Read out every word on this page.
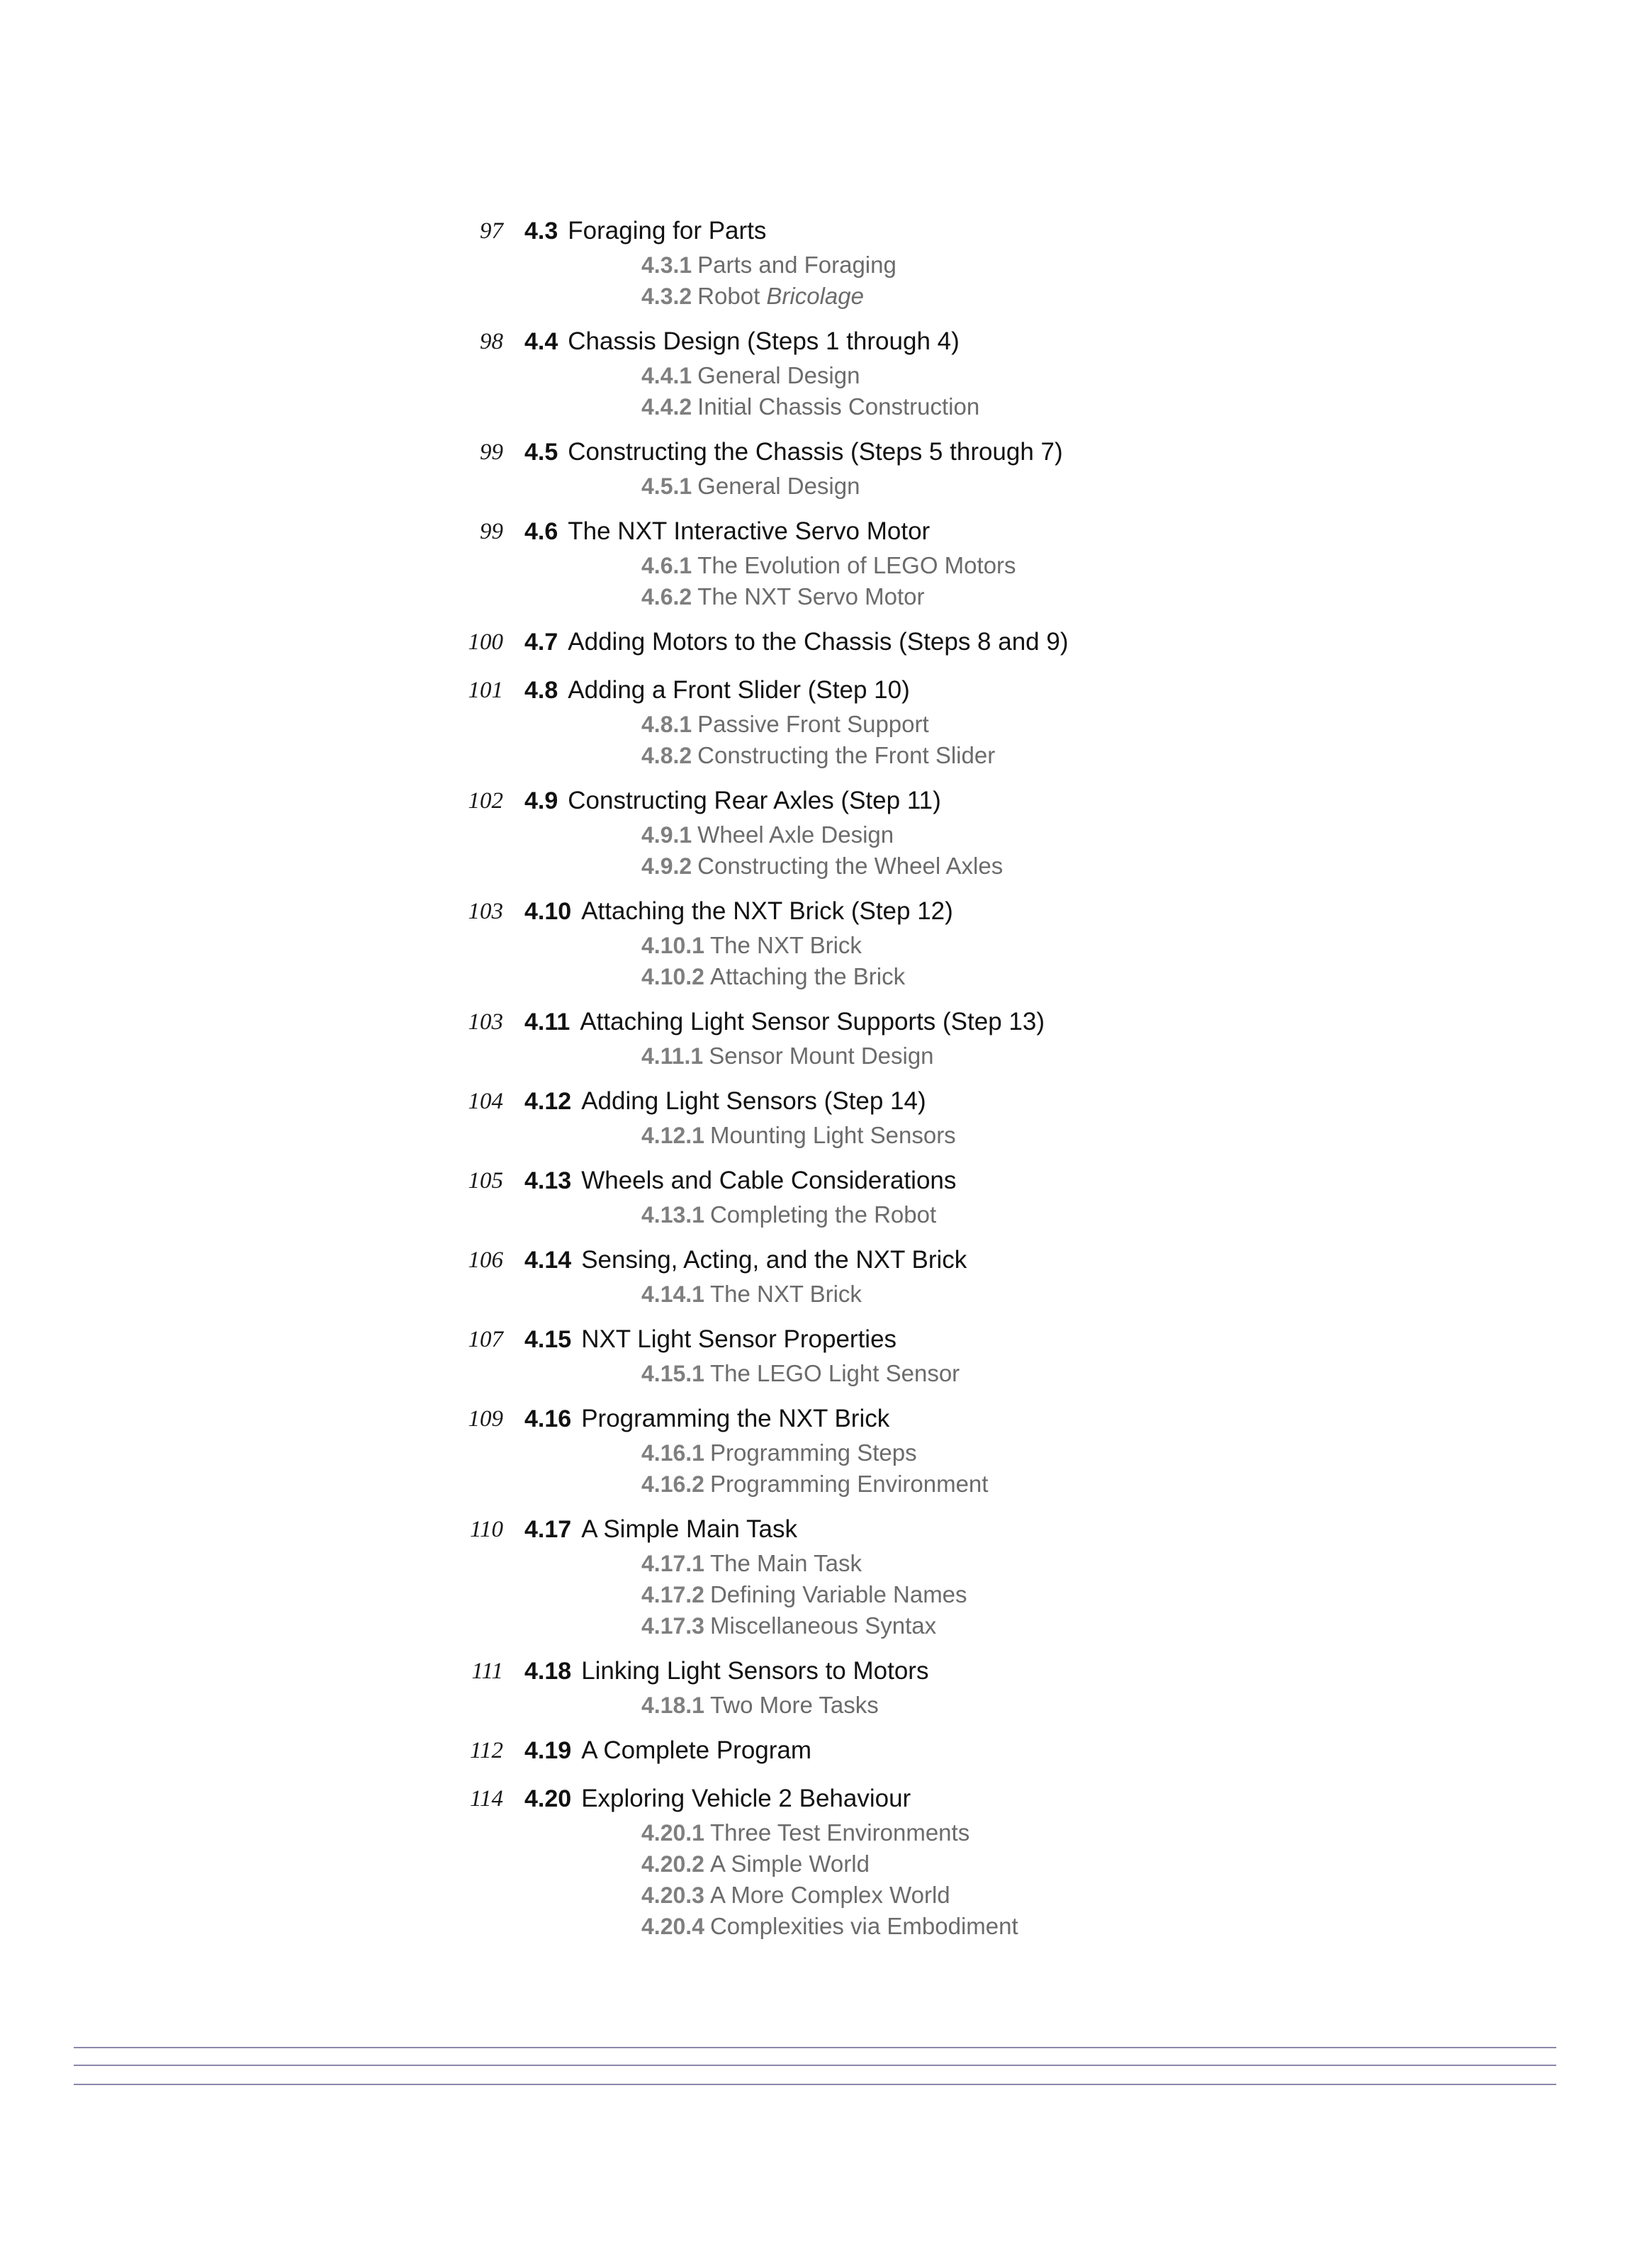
97 4.3 Foraging for Parts
4.3.1 Parts and Foraging
4.3.2 Robot Bricolage
98 4.4 Chassis Design (Steps 1 through 4)
4.4.1 General Design
4.4.2 Initial Chassis Construction
99 4.5 Constructing the Chassis (Steps 5 through 7)
4.5.1 General Design
99 4.6 The NXT Interactive Servo Motor
4.6.1 The Evolution of LEGO Motors
4.6.2 The NXT Servo Motor
100 4.7 Adding Motors to the Chassis (Steps 8 and 9)
101 4.8 Adding a Front Slider (Step 10)
4.8.1 Passive Front Support
4.8.2 Constructing the Front Slider
102 4.9 Constructing Rear Axles (Step 11)
4.9.1 Wheel Axle Design
4.9.2 Constructing the Wheel Axles
103 4.10 Attaching the NXT Brick (Step 12)
4.10.1 The NXT Brick
4.10.2 Attaching the Brick
103 4.11 Attaching Light Sensor Supports (Step 13)
4.11.1 Sensor Mount Design
104 4.12 Adding Light Sensors (Step 14)
4.12.1 Mounting Light Sensors
105 4.13 Wheels and Cable Considerations
4.13.1 Completing the Robot
106 4.14 Sensing, Acting, and the NXT Brick
4.14.1 The NXT Brick
107 4.15 NXT Light Sensor Properties
4.15.1 The LEGO Light Sensor
109 4.16 Programming the NXT Brick
4.16.1 Programming Steps
4.16.2 Programming Environment
110 4.17 A Simple Main Task
4.17.1 The Main Task
4.17.2 Defining Variable Names
4.17.3 Miscellaneous Syntax
111 4.18 Linking Light Sensors to Motors
4.18.1 Two More Tasks
112 4.19 A Complete Program
114 4.20 Exploring Vehicle 2 Behaviour
4.20.1 Three Test Environments
4.20.2 A Simple World
4.20.3 A More Complex World
4.20.4 Complexities via Embodiment
